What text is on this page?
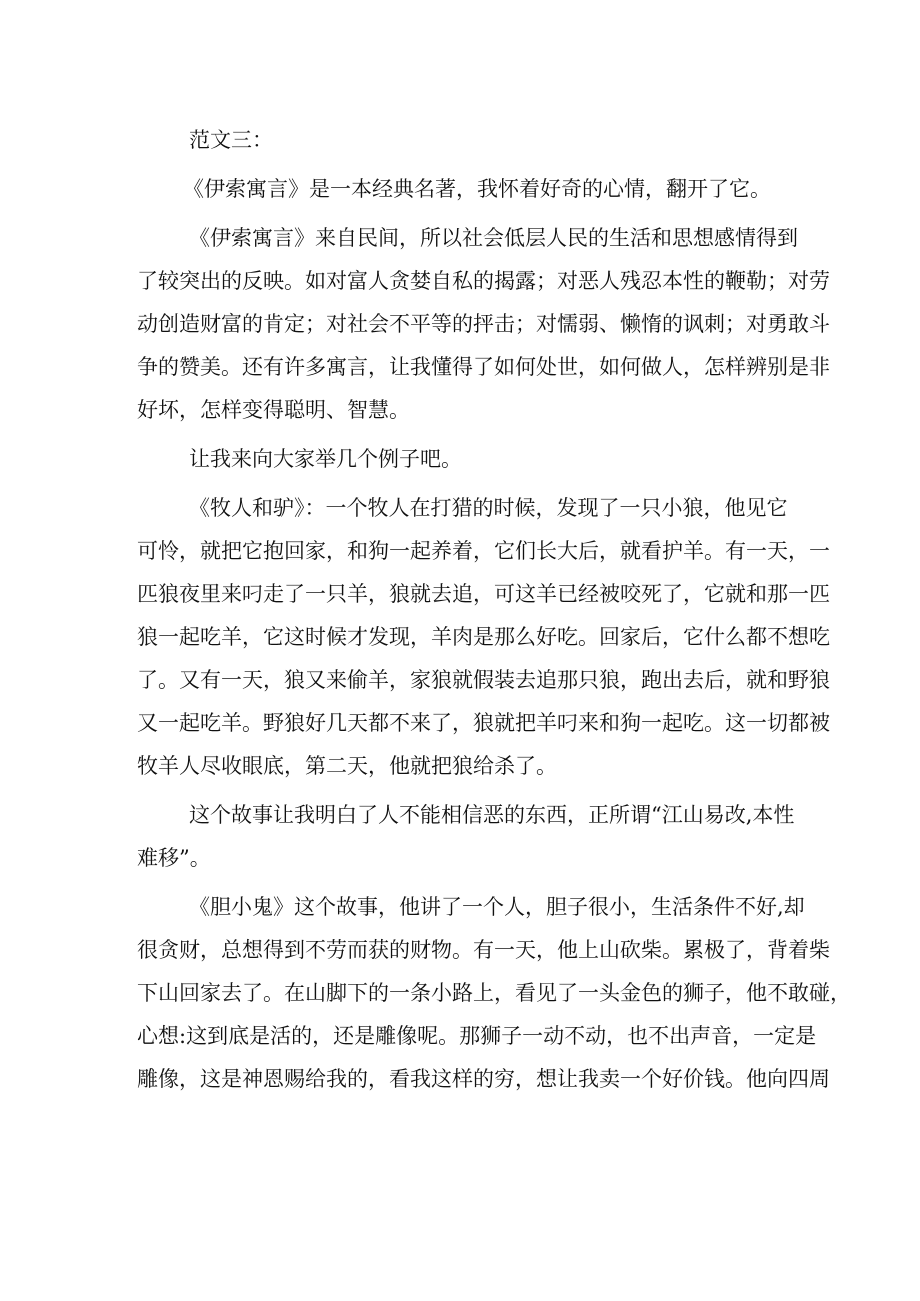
范文三：
《伊索寓言》是一本经典名著，我怀着好奇的心情，翻开了它。
《伊索寓言》来自民间，所以社会低层人民的生活和思想感情得到
了较突出的反映。如对富人贪婪自私的揭露；对恶人残忍本性的鞭勒；对劳
动创造财富的肯定；对社会不平等的抨击；对懦弱、懒惰的讽刺；对勇敢斗
争的赞美。还有许多寓言，让我懂得了如何处世，如何做人，怎样辨别是非
好坏，怎样变得聪明、智慧。
让我来向大家举几个例子吧。
《牧人和驴》：一个牧人在打猎的时候，发现了一只小狼，他见它
可怜，就把它抱回家，和狗一起养着，它们长大后，就看护羊。有一天，一
匹狼夜里来叼走了一只羊，狼就去追，可这羊已经被咬死了，它就和那一匹
狼一起吃羊，它这时候才发现，羊肉是那么好吃。回家后，它什么都不想吃
了。又有一天，狼又来偷羊，家狼就假装去追那只狼，跑出去后，就和野狼
又一起吃羊。野狼好几天都不来了，狼就把羊叼来和狗一起吃。这一切都被
牧羊人尽收眼底，第二天，他就把狼给杀了。
这个故事让我明白了人不能相信恶的东西，正所谓“江山易改,本性
难移”。
《胆小鬼》这个故事，他讲了一个人，胆子很小，生活条件不好,却
很贪财，总想得到不劳而获的财物。有一天，他上山砍柴。累极了，背着柴
下山回家去了。在山脚下的一条小路上，看见了一头金色的狮子，他不敢碰，
心想:这到底是活的，还是雕像呢。那狮子一动不动，也不出声音，一定是
雕像，这是神恩赐给我的，看我这样的穷，想让我卖一个好价钱。他向四周
